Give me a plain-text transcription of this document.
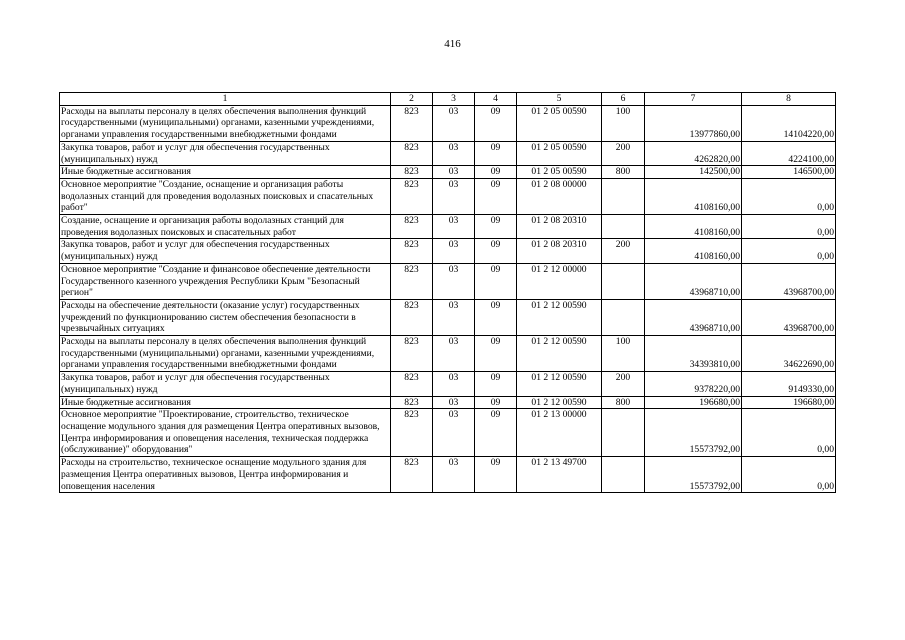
416
1	2	3	4	5	6	7	8
Расходы на выплаты персоналу в целях обеспечения выполнения функций государственными (муниципальными) органами, казенными учреждениями, органами управления государственными внебюджетными фондами	823	03	09	01 2 05 00590	100	13977860,00	14104220,00
Закупка товаров, работ и услуг для обеспечения государственных (муниципальных) нужд	823	03	09	01 2 05 00590	200	4262820,00	4224100,00
Иные бюджетные ассигнования	823	03	09	01 2 05 00590	800	142500,00	146500,00
Основное мероприятие "Создание, оснащение и организация работы водолазных станций для проведения водолазных поисковых и спасательных работ"	823	03	09	01 2 08 00000		4108160,00	0,00
Создание, оснащение и организация работы водолазных станций для проведения водолазных поисковых и спасательных работ	823	03	09	01 2 08 20310		4108160,00	0,00
Закупка товаров, работ и услуг для обеспечения государственных (муниципальных) нужд	823	03	09	01 2 08 20310	200	4108160,00	0,00
Основное мероприятие "Создание и финансовое обеспечение деятельности Государственного казенного учреждения Республики Крым "Безопасный регион"	823	03	09	01 2 12 00000		43968710,00	43968700,00
Расходы на обеспечение деятельности (оказание услуг) государственных учреждений по функционированию систем обеспечения безопасности в чрезвычайных ситуациях	823	03	09	01 2 12 00590		43968710,00	43968700,00
Расходы на выплаты персоналу в целях обеспечения выполнения функций государственными (муниципальными) органами, казенными учреждениями, органами управления государственными внебюджетными фондами	823	03	09	01 2 12 00590	100	34393810,00	34622690,00
Закупка товаров, работ и услуг для обеспечения государственных (муниципальных) нужд	823	03	09	01 2 12 00590	200	9378220,00	9149330,00
Иные бюджетные ассигнования	823	03	09	01 2 12 00590	800	196680,00	196680,00
Основное мероприятие "Проектирование, строительство, техническое оснащение модульного здания для размещения Центра оперативных вызовов, Центра информирования и оповещения населения, техническая поддержка (обслуживание)" оборудования"	823	03	09	01 2 13 00000		15573792,00	0,00
Расходы на строительство, техническое оснащение модульного здания для размещения Центра оперативных вызовов, Центра информирования и оповещения населения	823	03	09	01 2 13 49700		15573792,00	0,00
